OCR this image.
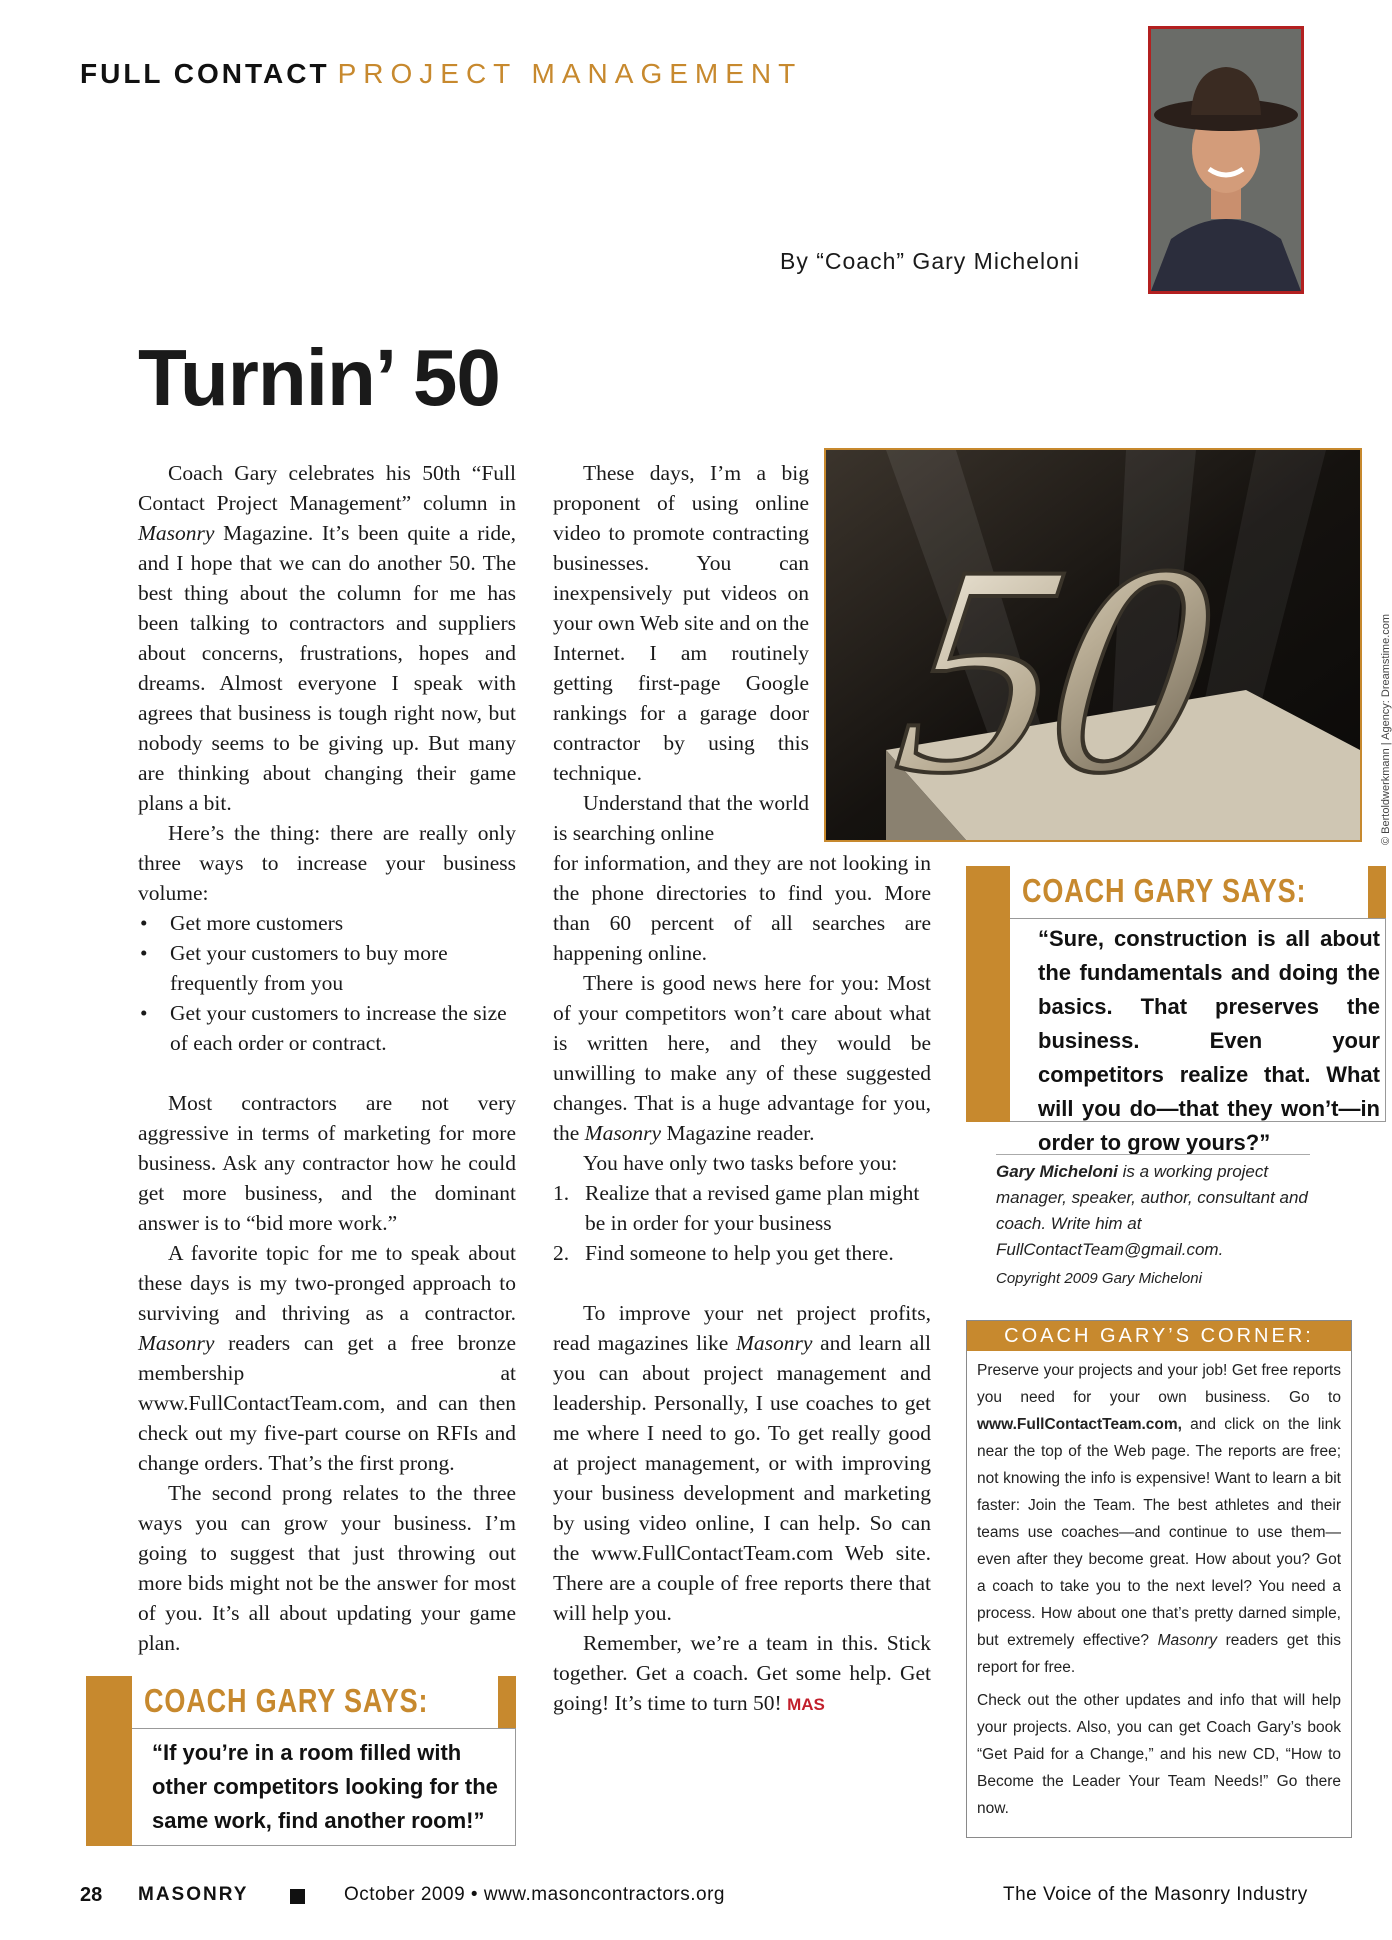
FULL CONTACT PROJECT MANAGEMENT
By “Coach” Gary Micheloni
Turnin’ 50

Coach Gary celebrates his 50th “Full Contact Project Management” column in Masonry Magazine. It’s been quite a ride, and I hope that we can do another 50. The best thing about the column for me has been talking to contractors and suppliers about concerns, frustrations, hopes and dreams. Almost everyone I speak with agrees that business is tough right now, but nobody seems to be giving up. But many are thinking about changing their game plans a bit.

Here’s the thing: there are really only three ways to increase your business volume:

• Get more customers
• Get your customers to buy more frequently from you
• Get your customers to increase the size of each order or contract.

Most contractors are not very aggressive in terms of marketing for more business. Ask any contractor how he could get more business, and the dominant answer is to “bid more work.”

A favorite topic for me to speak about these days is my two-pronged approach to surviving and thriving as a contractor. Masonry readers can get a free bronze membership at www.FullContactTeam.com, and can then check out my five-part course on RFIs and change orders. That’s the first prong.

The second prong relates to the three ways you can grow your business. I’m going to suggest that just throwing out more bids might not be the answer for most of you. It’s all about updating your game plan.

These days, I’m a big proponent of using online video to promote contracting businesses. You can inexpensively put videos on your own Web site and on the Internet. I am routinely getting first-page Google rankings for a garage door contractor by using this technique.

Understand that the world is searching online

for information, and they are not looking in the phone directories to find you. More than 60 percent of all searches are happening online.

There is good news here for you: Most of your competitors won’t care about what is written here, and they would be unwilling to make any of these suggested changes. That is a huge advantage for you, the Masonry Magazine reader.

You have only two tasks before you:

1. Realize that a revised game plan might be in order for your business
2. Find someone to help you get there.

To improve your net project profits, read magazines like Masonry and learn all you can about project management and leadership. Personally, I use coaches to get me where I need to go. To get really good at project management, or with improving your business development and marketing by using video online, I can help. So can the www.FullContactTeam.com Web site. There are a couple of free reports there that will help you.

Remember, we’re a team in this. Stick together. Get a coach. Get some help. Get going! It’s time to turn 50! MAS

50	© Bertoldwerkmann | Agency: Dreamstime.com
COACH GARY SAYS:
“Sure, construction is all about the fundamentals and doing the basics. That preserves the business. Even your competitors realize that. What will you do—that they won’t—in order to grow yours?”
Gary Micheloni is a working project manager, speaker, author, consultant and coach. Write him at FullContactTeam@gmail.com.
Copyright 2009 Gary Micheloni
COACH GARY’S CORNER:

Preserve your projects and your job! Get free reports you need for your own business. Go to www.FullContactTeam.com, and click on the link near the top of the Web page. The reports are free; not knowing the info is expensive! Want to learn a bit faster: Join the Team. The best athletes and their teams use coaches—and continue to use them—even after they become great. How about you? Got a coach to take you to the next level? You need a process. How about one that’s pretty darned simple, but extremely effective? Masonry readers get this report for free.

Check out the other updates and info that will help your projects. Also, you can get Coach Gary’s book “Get Paid for a Change,” and his new CD, “How to Become the Leader Your Team Needs!” Go there now.

COACH GARY SAYS:
“If you’re in a room filled with other competitors looking for the same work, find another room!”
28 MASONRY	October 2009 • www.masoncontractors.org	The Voice of the Masonry Industry
